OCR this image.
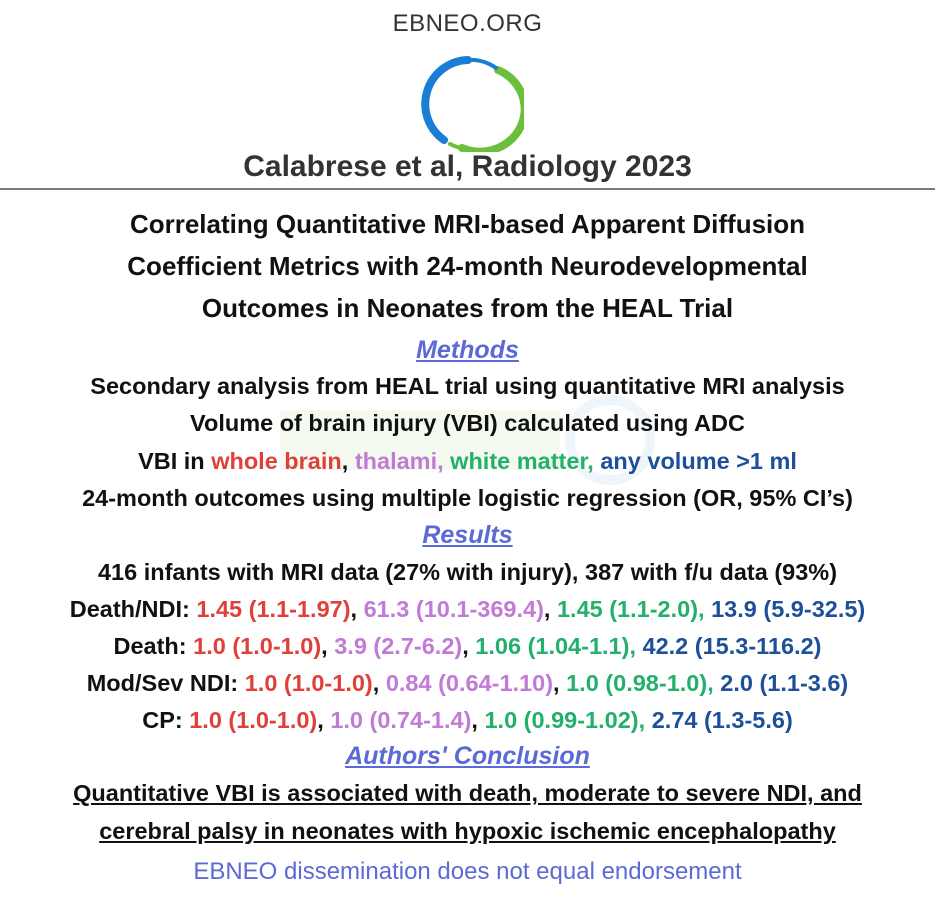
EBNEO.ORG
Calabrese et al, Radiology 2023
Correlating Quantitative MRI-based Apparent Diffusion
Coefficient Metrics with 24-month Neurodevelopmental
Outcomes in Neonates from the HEAL Trial
Methods
Secondary analysis from HEAL trial using quantitative MRI analysis
Volume of brain injury (VBI) calculated using ADC
VBI in whole brain, thalami, white matter, any volume >1 ml
24-month outcomes using multiple logistic regression (OR, 95% CI’s)
Results
416 infants with MRI data (27% with injury), 387 with f/u data (93%)
Death/NDI: 1.45 (1.1-1.97), 61.3 (10.1-369.4), 1.45 (1.1-2.0), 13.9 (5.9-32.5)
Death: 1.0 (1.0-1.0), 3.9 (2.7-6.2), 1.06 (1.04-1.1), 42.2 (15.3-116.2)
Mod/Sev NDI: 1.0 (1.0-1.0), 0.84 (0.64-1.10), 1.0 (0.98-1.0), 2.0 (1.1-3.6)
CP: 1.0 (1.0-1.0), 1.0 (0.74-1.4), 1.0 (0.99-1.02), 2.74 (1.3-5.6)
Authors' Conclusion
Quantitative VBI is associated with death, moderate to severe NDI, and
cerebral palsy in neonates with hypoxic ischemic encephalopathy
EBNEO dissemination does not equal endorsement
